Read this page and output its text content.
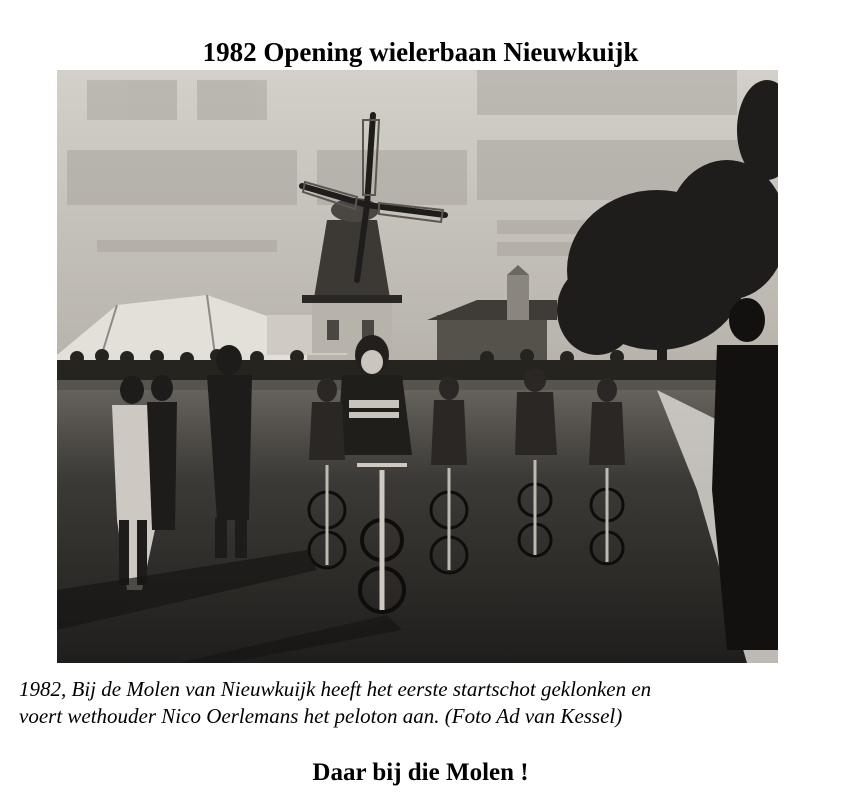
1982 Opening wielerbaan Nieuwkuijk
1982, Bij de Molen van Nieuwkuijk heeft het eerste startschot geklonken en
voert wethouder Nico Oerlemans het peloton aan. (Foto Ad van Kessel)
Daar bij die Molen !
